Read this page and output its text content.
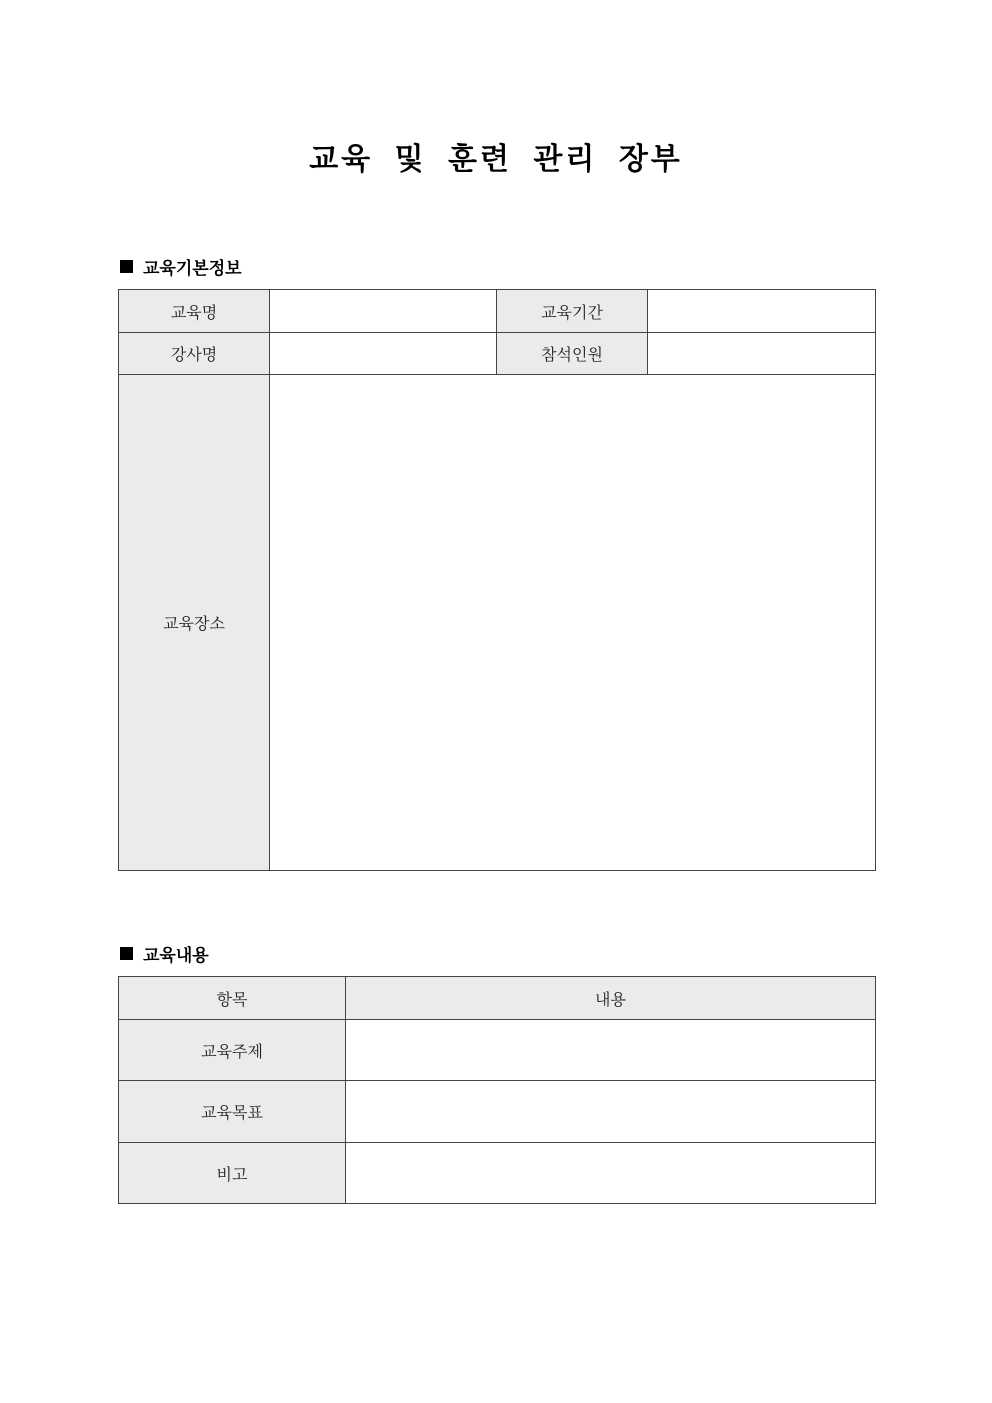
교육 및 훈련 관리 장부
교육기본정보
교육명		교육기간	
강사명		참석인원	
교육장소			
교육내용
항목	내용
교육주제	
교육목표	
비고	
